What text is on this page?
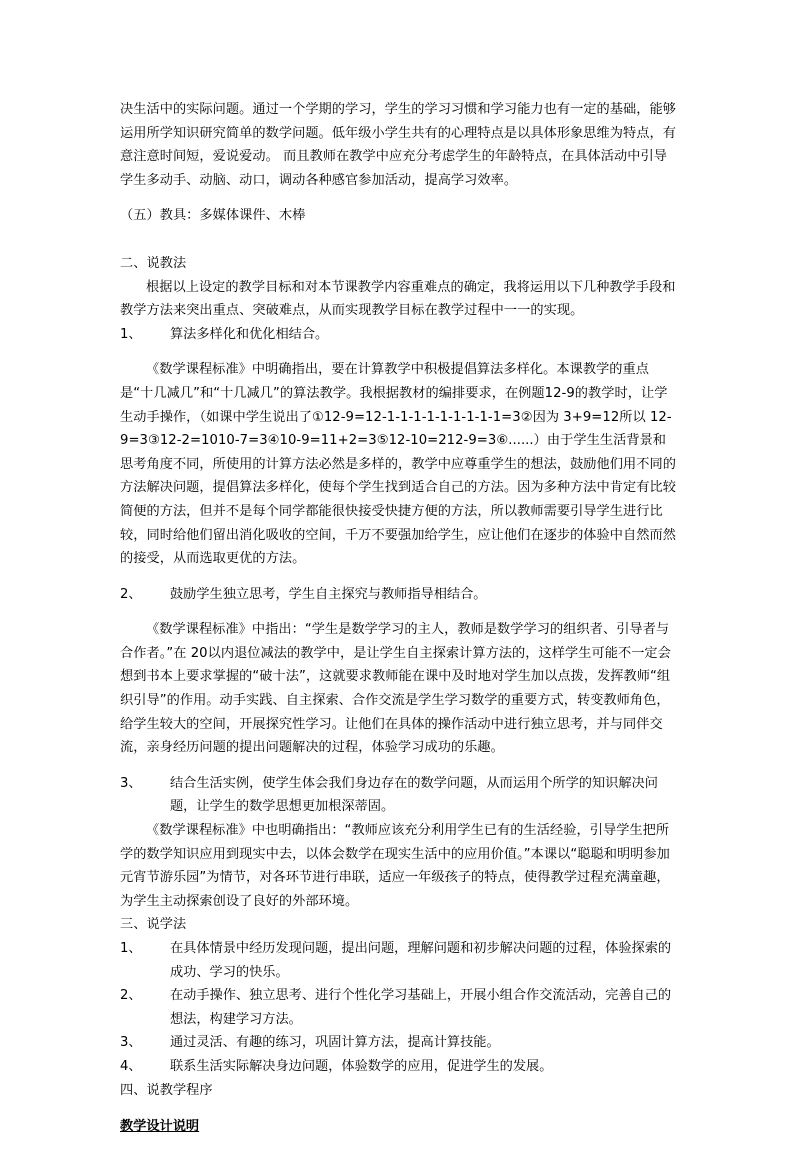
决生活中的实际问题。通过一个学期的学习，学生的学习习惯和学习能力也有一定的基础，能够运用所学知识研究简单的数学问题。低年级小学生共有的心理特点是以具体形象思维为特点，有意注意时间短，爱说爱动。 而且教师在教学中应充分考虑学生的年龄特点，在具体活动中引导学生多动手、动脑、动口，调动各种感官参加活动，提高学习效率。

（五）教具：多媒体课件、木棒

二、说教法

根据以上设定的教学目标和对本节课教学内容重难点的确定，我将运用以下几种教学手段和教学方法来突出重点、突破难点，从而实现教学目标在教学过程中一一的实现。

1、	算法多样化和优化相结合。

《数学课程标准》中明确指出，要在计算教学中积极提倡算法多样化。本课教学的重点是“十几减几”和“十几减几”的算法教学。我根据教材的编排要求，在例题12-9的教学时，让学生动手操作，（如课中学生说出了①12-9=12-1-1-1-1-1-1-1-1-1=3②因为 3+9=12所以 12-9=3③12-2=1010-7=3④10-9=11+2=3⑤12-10=212-9=3⑥......）由于学生生活背景和思考角度不同，所使用的计算方法必然是多样的，教学中应尊重学生的想法，鼓励他们用不同的方法解决问题，提倡算法多样化，使每个学生找到适合自己的方法。因为多种方法中肯定有比较简便的方法，但并不是每个同学都能很快接受快捷方便的方法，所以教师需要引导学生进行比较，同时给他们留出消化吸收的空间，千万不要强加给学生，应让他们在逐步的体验中自然而然的接受，从而选取更优的方法。

2、	鼓励学生独立思考，学生自主探究与教师指导相结合。

《数学课程标准》中指出：“学生是数学学习的主人，教师是数学学习的组织者、引导者与合作者。”在 20以内退位减法的教学中，是让学生自主探索计算方法的，这样学生可能不一定会想到书本上要求掌握的“破十法”，这就要求教师能在课中及时地对学生加以点拨，发挥教师“组织引导”的作用。动手实践、自主探索、合作交流是学生学习数学的重要方式，转变教师角色，给学生较大的空间，开展探究性学习。让他们在具体的操作活动中进行独立思考，并与同伴交流，亲身经历问题的提出问题解决的过程，体验学习成功的乐趣。

3、	结合生活实例，使学生体会我们身边存在的数学问题，从而运用个所学的知识解决问题，让学生的数学思想更加根深蒂固。

《数学课程标准》中也明确指出：“教师应该充分利用学生已有的生活经验，引导学生把所学的数学知识应用到现实中去，以体会数学在现实生活中的应用价值。”本课以“聪聪和明明参加元宵节游乐园”为情节，对各环节进行串联，适应一年级孩子的特点，使得教学过程充满童趣，为学生主动探索创设了良好的外部环境。

三、说学法

1、	在具体情景中经历发现问题，提出问题，理解问题和初步解决问题的过程，体验探索的成功、学习的快乐。
2、	在动手操作、独立思考、进行个性化学习基础上，开展小组合作交流活动，完善自己的想法，构建学习方法。
3、	通过灵活、有趣的练习，巩固计算方法，提高计算技能。
4、	联系生活实际解决身边问题，体验数学的应用，促进学生的发展。

四、说教学程序

教学设计说明
